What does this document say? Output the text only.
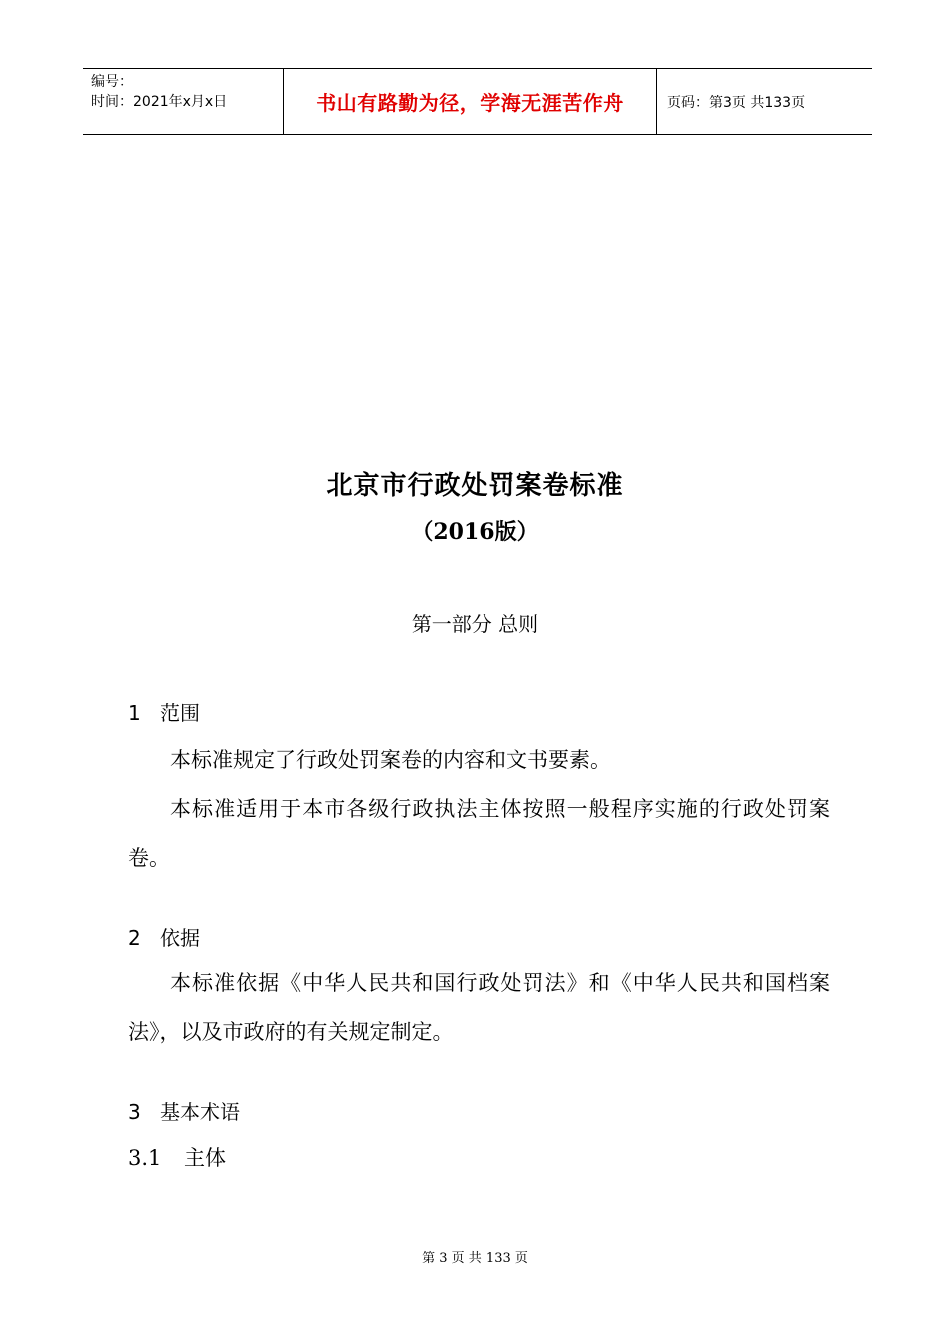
编号：
时间：2021年x月x日	书山有路勤为径，学海无涯苦作舟	页码：第3页 共133页
北京市行政处罚案卷标准
（2016版）
第一部分 总则
1 范围
本标准规定了行政处罚案卷的内容和文书要素。
本标准适用于本市各级行政执法主体按照一般程序实施的行政处罚案卷。
2 依据
本标准依据《中华人民共和国行政处罚法》和《中华人民共和国档案法》，以及市政府的有关规定制定。
3 基本术语
3.1 主体
第 3 页 共 133 页
